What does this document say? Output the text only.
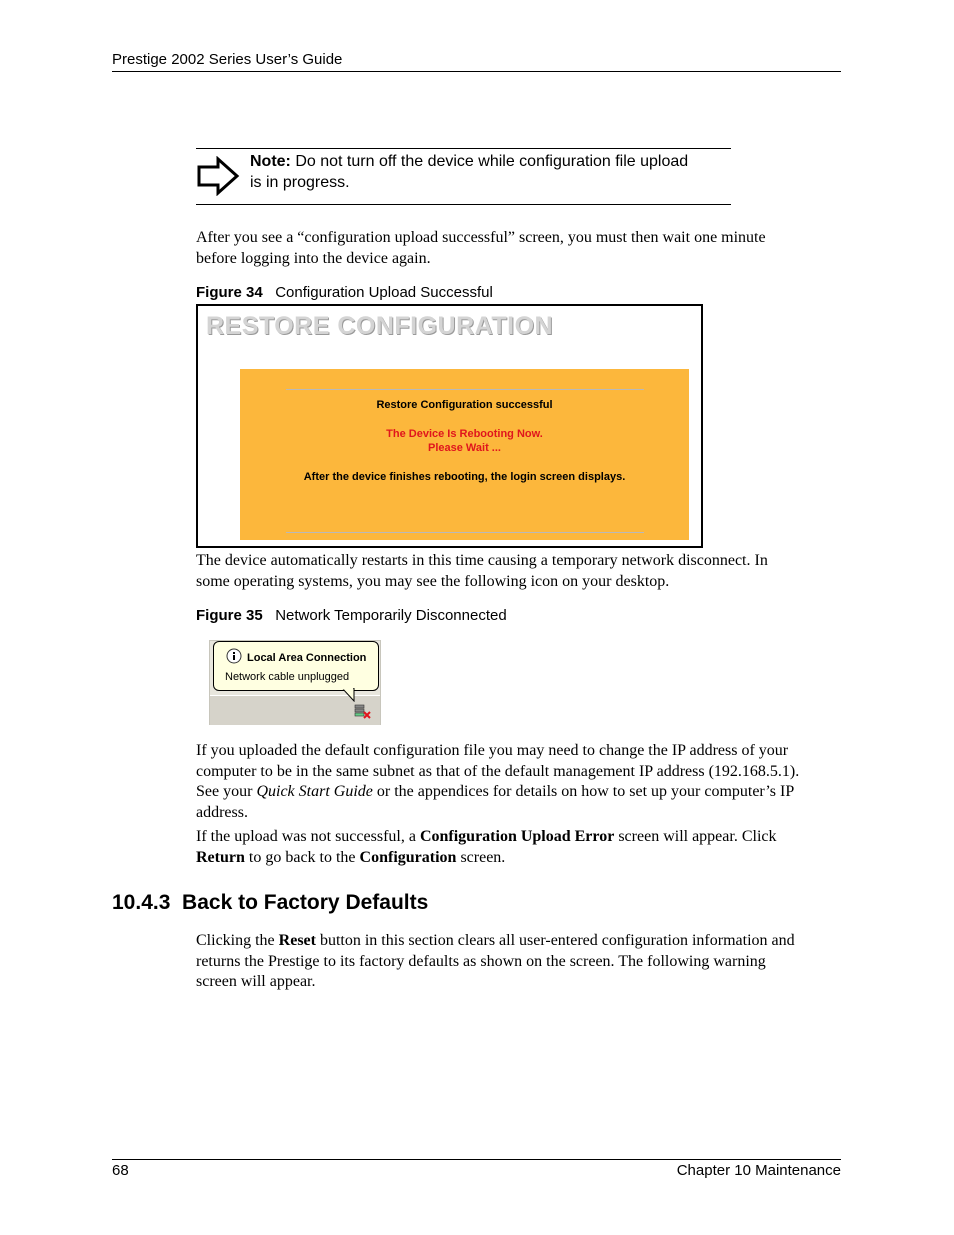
Prestige 2002 Series User’s Guide
Note: Do not turn off the device while configuration file upload
is in progress.
After you see a “configuration upload successful” screen, you must then wait one minute
before logging into the device again.
Figure 34 Configuration Upload Successful
RESTORE CONFIGURATION
Restore Configuration successful
The Device Is Rebooting Now.
Please Wait ...
After the device finishes rebooting, the login screen displays.
The device automatically restarts in this time causing a temporary network disconnect. In
some operating systems, you may see the following icon on your desktop.
Figure 35 Network Temporarily Disconnected
Local Area Connection
Network cable unplugged
If you uploaded the default configuration file you may need to change the IP address of your
computer to be in the same subnet as that of the default management IP address (192.168.5.1).
See your Quick Start Guide or the appendices for details on how to set up your computer’s IP
address.
If the upload was not successful, a Configuration Upload Error screen will appear. Click
Return to go back to the Configuration screen.
10.4.3  Back to Factory Defaults
Clicking the Reset button in this section clears all user-entered configuration information and
returns the Prestige to its factory defaults as shown on the screen. The following warning
screen will appear.
68	Chapter 10 Maintenance
